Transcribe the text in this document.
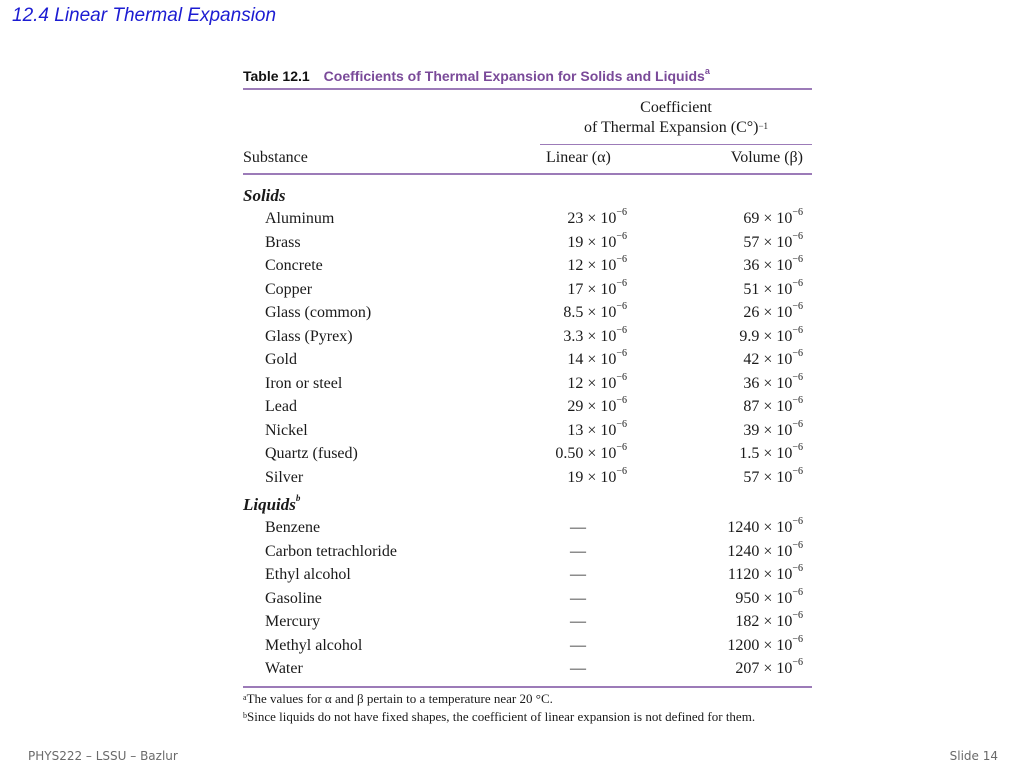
12.4 Linear Thermal Expansion
Table 12.1 Coefficients of Thermal Expansion for Solids and Liquids$^a$
Coefficient
of Thermal Expansion $(C^\circ)^{-1}$
Substance	Linear (α)	Volume (β)
Solids
Aluminum	$23 \times 10^{-6}$	$69 \times 10^{-6}$
Brass	$19 \times 10^{-6}$	$57 \times 10^{-6}$
Concrete	$12 \times 10^{-6}$	$36 \times 10^{-6}$
Copper	$17 \times 10^{-6}$	$51 \times 10^{-6}$
Glass (common)	$8.5 \times 10^{-6}$	$26 \times 10^{-6}$
Glass (Pyrex)	$3.3 \times 10^{-6}$	$9.9 \times 10^{-6}$
Gold	$14 \times 10^{-6}$	$42 \times 10^{-6}$
Iron or steel	$12 \times 10^{-6}$	$36 \times 10^{-6}$
Lead	$29 \times 10^{-6}$	$87 \times 10^{-6}$
Nickel	$13 \times 10^{-6}$	$39 \times 10^{-6}$
Quartz (fused)	$0.50 \times 10^{-6}$	$1.5 \times 10^{-6}$
Silver	$19 \times 10^{-6}$	$57 \times 10^{-6}$
Liquids$^b$
Benzene	—	$1240 \times 10^{-6}$
Carbon tetrachloride	—	$1240 \times 10^{-6}$
Ethyl alcohol	—	$1120 \times 10^{-6}$
Gasoline	—	$950 \times 10^{-6}$
Mercury	—	$182 \times 10^{-6}$
Methyl alcohol	—	$1200 \times 10^{-6}$
Water	—	$207 \times 10^{-6}$
$^a$The values for α and β pertain to a temperature near 20 °C.
$^b$Since liquids do not have fixed shapes, the coefficient of linear expansion is not defined for them.
PHYS222 – LSSU – Bazlur	Slide 14
